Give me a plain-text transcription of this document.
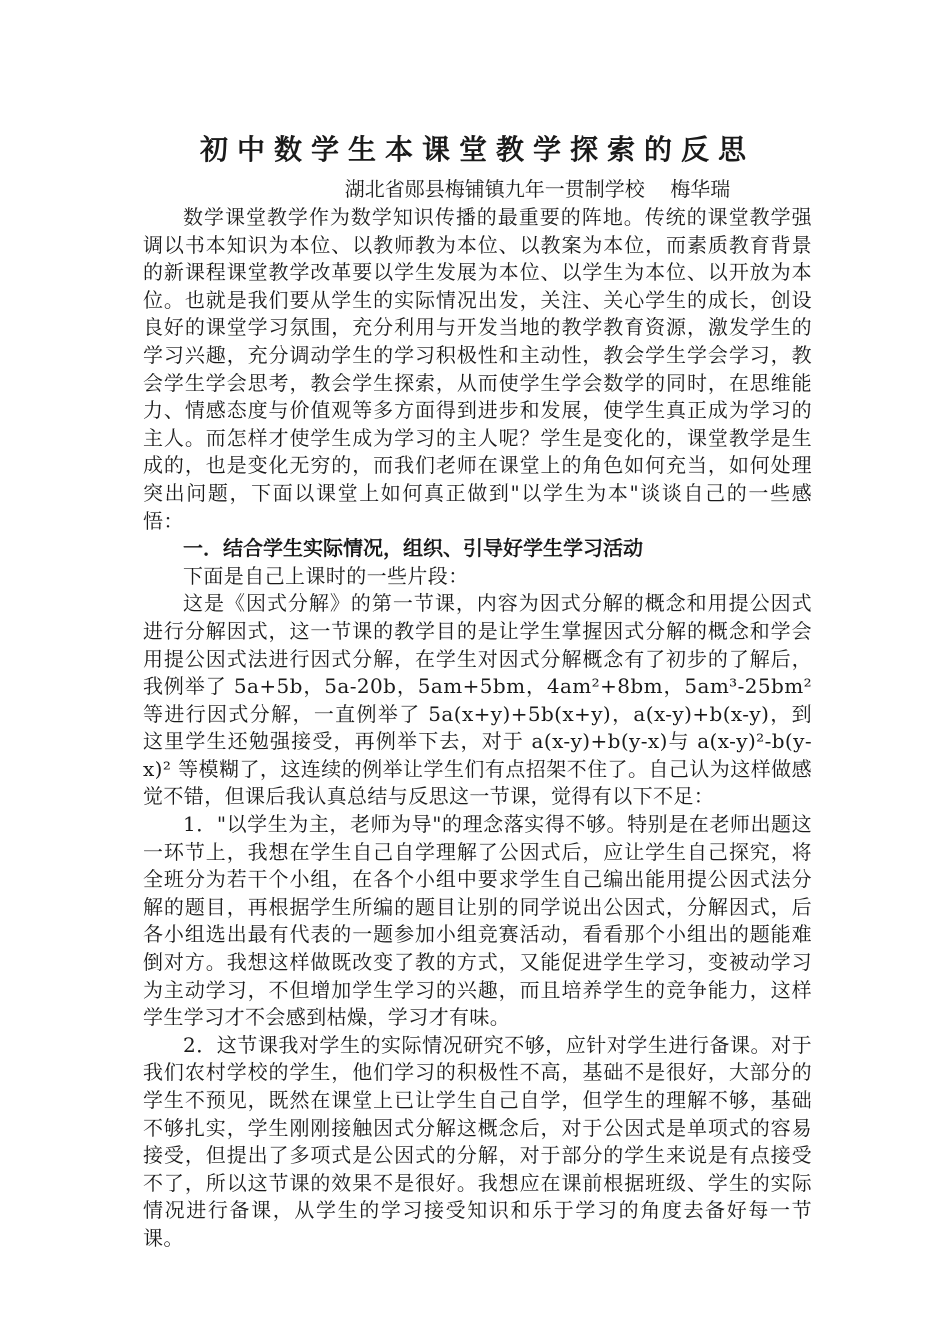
初中数学生本课堂教学探索的反思
湖北省郧县梅铺镇九年一贯制学校    梅华瑞

数学课堂教学作为数学知识传播的最重要的阵地。传统的课堂教学强调以书本知识为本位、以教师教为本位、以教案为本位，而素质教育背景的新课程课堂教学改革要以学生发展为本位、以学生为本位、以开放为本位。也就是我们要从学生的实际情况出发，关注、关心学生的成长，创设良好的课堂学习氛围，充分利用与开发当地的教学教育资源，激发学生的学习兴趣，充分调动学生的学习积极性和主动性，教会学生学会学习，教会学生学会思考，教会学生探索，从而使学生学会数学的同时，在思维能力、情感态度与价值观等多方面得到进步和发展，使学生真正成为学习的主人。而怎样才使学生成为学习的主人呢？学生是变化的，课堂教学是生成的，也是变化无穷的，而我们老师在课堂上的角色如何充当，如何处理突出问题，下面以课堂上如何真正做到"以学生为本"谈谈自己的一些感悟：

一．结合学生实际情况，组织、引导好学生学习活动

下面是自己上课时的一些片段：

这是《因式分解》的第一节课，内容为因式分解的概念和用提公因式进行分解因式，这一节课的教学目的是让学生掌握因式分解的概念和学会用提公因式法进行因式分解，在学生对因式分解概念有了初步的了解后，我例举了 5a+5b，5a-20b，5am+5bm，4am²+8bm，5am³-25bm² 等进行因式分解，一直例举了 5a(x+y)+5b(x+y)，a(x-y)+b(x-y)，到这里学生还勉强接受，再例举下去，对于 a(x-y)+b(y-x)与 a(x-y)²-b(y-x)² 等模糊了，这连续的例举让学生们有点招架不住了。自己认为这样做感觉不错，但课后我认真总结与反思这一节课，觉得有以下不足：

1．"以学生为主，老师为导"的理念落实得不够。特别是在老师出题这一环节上，我想在学生自己自学理解了公因式后，应让学生自己探究，将全班分为若干个小组，在各个小组中要求学生自己编出能用提公因式法分解的题目，再根据学生所编的题目让别的同学说出公因式，分解因式，后各小组选出最有代表的一题参加小组竞赛活动，看看那个小组出的题能难倒对方。我想这样做既改变了教的方式，又能促进学生学习，变被动学习为主动学习，不但增加学生学习的兴趣，而且培养学生的竞争能力，这样学生学习才不会感到枯燥，学习才有味。

2．这节课我对学生的实际情况研究不够，应针对学生进行备课。对于我们农村学校的学生，他们学习的积极性不高，基础不是很好，大部分的学生不预见，既然在课堂上已让学生自己自学，但学生的理解不够，基础不够扎实，学生刚刚接触因式分解这概念后，对于公因式是单项式的容易接受，但提出了多项式是公因式的分解，对于部分的学生来说是有点接受不了，所以这节课的效果不是很好。我想应在课前根据班级、学生的实际情况进行备课，从学生的学习接受知识和乐于学习的角度去备好每一节课。
